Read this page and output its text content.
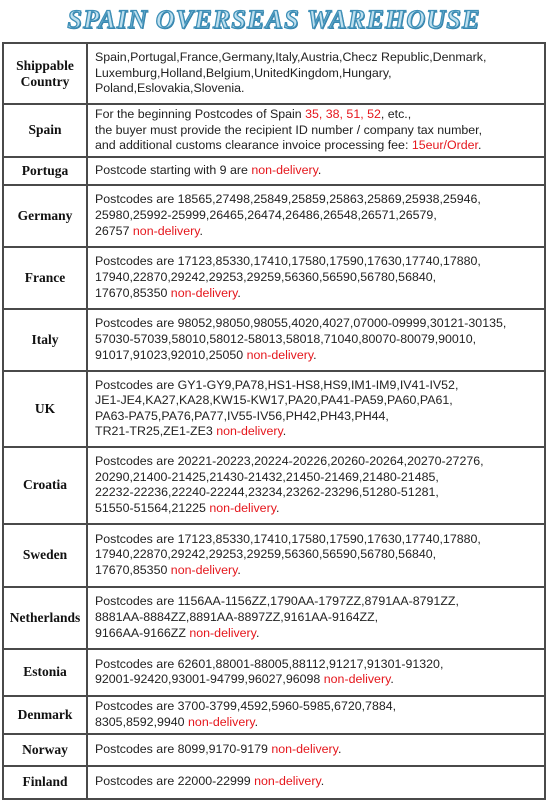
SPAIN OVERSEAS WAREHOUSE
Shippable
Country	Spain,Portugal,France,Germany,Italy,Austria,Checz Republic,Denmark,
Luxemburg,Holland,Belgium,UnitedKingdom,Hungary,
Poland,Eslovakia,Slovenia.

Spain	For the beginning Postcodes of Spain 35, 38, 51, 52, etc.,
the buyer must provide the recipient ID number / company tax number,
and additional customs clearance invoice processing fee: 15eur/Order.

Portuga	Postcode starting with 9 are non-delivery.

Germany	Postcodes are 18565,27498,25849,25859,25863,25869,25938,25946,
25980,25992-25999,26465,26474,26486,26548,26571,26579,
26757 non-delivery.

France	Postcodes are 17123,85330,17410,17580,17590,17630,17740,17880,
17940,22870,29242,29253,29259,56360,56590,56780,56840,
17670,85350 non-delivery.

Italy	Postcodes are 98052,98050,98055,4020,4027,07000-09999,30121-30135,
57030-57039,58010,58012-58013,58018,71040,80070-80079,90010,
91017,91023,92010,25050 non-delivery.

UK	Postcodes are GY1-GY9,PA78,HS1-HS8,HS9,IM1-IM9,IV41-IV52,
JE1-JE4,KA27,KA28,KW15-KW17,PA20,PA41-PA59,PA60,PA61,
PA63-PA75,PA76,PA77,IV55-IV56,PH42,PH43,PH44,
TR21-TR25,ZE1-ZE3 non-delivery.

Croatia	Postcodes are 20221-20223,20224-20226,20260-20264,20270-27276,
20290,21400-21425,21430-21432,21450-21469,21480-21485,
22232-22236,22240-22244,23234,23262-23296,51280-51281,
51550-51564,21225 non-delivery.

Sweden	Postcodes are 17123,85330,17410,17580,17590,17630,17740,17880,
17940,22870,29242,29253,29259,56360,56590,56780,56840,
17670,85350 non-delivery.

Netherlands	Postcodes are 1156AA-1156ZZ,1790AA-1797ZZ,8791AA-8791ZZ,
8881AA-8884ZZ,8891AA-8897ZZ,9161AA-9164ZZ,
9166AA-9166ZZ non-delivery.

Estonia	Postcodes are 62601,88001-88005,88112,91217,91301-91320,
92001-92420,93001-94799,96027,96098 non-delivery.

Denmark	Postcodes are 3700-3799,4592,5960-5985,6720,7884,
8305,8592,9940 non-delivery.

Norway	Postcodes are 8099,9170-9179 non-delivery.

Finland	Postcodes are 22000-22999 non-delivery.
